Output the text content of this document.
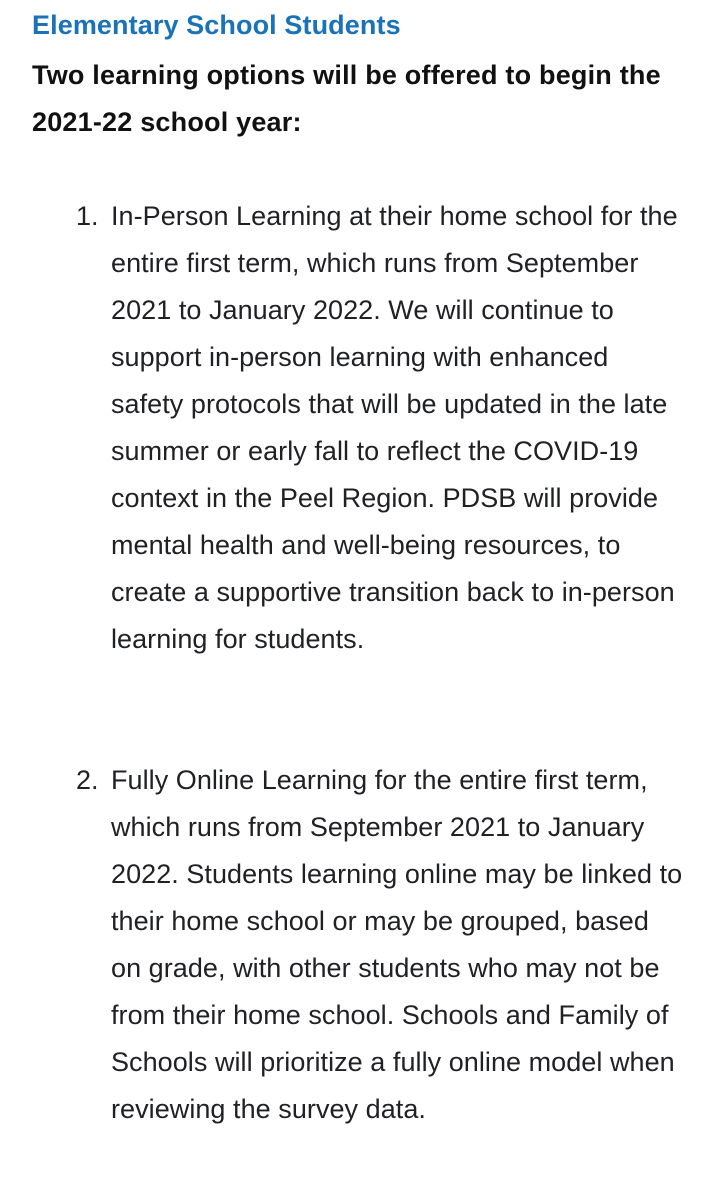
Elementary School Students

Two learning options will be offered to begin the 2021-22 school year:

1. In-Person Learning at their home school for the entire first term, which runs from September 2021 to January 2022. We will continue to support in-person learning with enhanced safety protocols that will be updated in the late summer or early fall to reflect the COVID-19 context in the Peel Region. PDSB will provide mental health and well-being resources, to create a supportive transition back to in-person learning for students.
2. Fully Online Learning for the entire first term, which runs from September 2021 to January 2022. Students learning online may be linked to their home school or may be grouped, based on grade, with other students who may not be from their home school. Schools and Family of Schools will prioritize a fully online model when reviewing the survey data.
